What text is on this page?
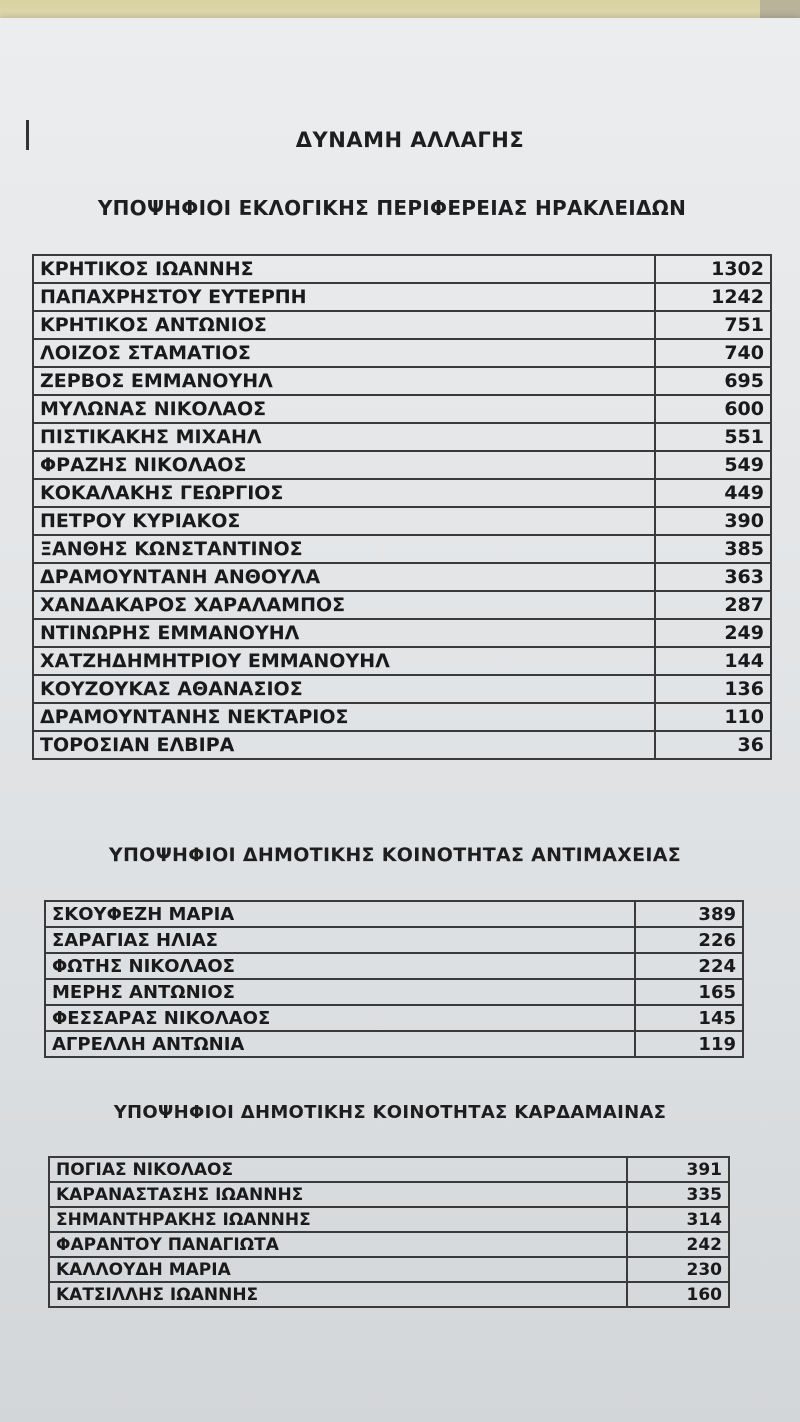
ΔΥΝΑΜΗ ΑΛΛΑΓΗΣ
ΥΠΟΨΗΦΙΟΙ ΕΚΛΟΓΙΚΗΣ ΠΕΡΙΦΕΡΕΙΑΣ ΗΡΑΚΛΕΙΔΩΝ
ΚΡΗΤΙΚΟΣ ΙΩΑΝΝΗΣ	1302
ΠΑΠΑΧΡΗΣΤΟΥ ΕΥΤΕΡΠΗ	1242
ΚΡΗΤΙΚΟΣ ΑΝΤΩΝΙΟΣ	751
ΛΟΙΖΟΣ ΣΤΑΜΑΤΙΟΣ	740
ΖΕΡΒΟΣ ΕΜΜΑΝΟΥΗΛ	695
ΜΥΛΩΝΑΣ ΝΙΚΟΛΑΟΣ	600
ΠΙΣΤΙΚΑΚΗΣ ΜΙΧΑΗΛ	551
ΦΡΑΖΗΣ ΝΙΚΟΛΑΟΣ	549
ΚΟΚΑΛΑΚΗΣ ΓΕΩΡΓΙΟΣ	449
ΠΕΤΡΟΥ ΚΥΡΙΑΚΟΣ	390
ΞΑΝΘΗΣ ΚΩΝΣΤΑΝΤΙΝΟΣ	385
ΔΡΑΜΟΥΝΤΑΝΗ ΑΝΘΟΥΛΑ	363
ΧΑΝΔΑΚΑΡΟΣ ΧΑΡΑΛΑΜΠΟΣ	287
ΝΤΙΝΩΡΗΣ ΕΜΜΑΝΟΥΗΛ	249
ΧΑΤΖΗΔΗΜΗΤΡΙΟΥ ΕΜΜΑΝΟΥΗΛ	144
ΚΟΥΖΟΥΚΑΣ ΑΘΑΝΑΣΙΟΣ	136
ΔΡΑΜΟΥΝΤΑΝΗΣ ΝΕΚΤΑΡΙΟΣ	110
ΤΟΡΟΣΙΑΝ ΕΛΒΙΡΑ	36
ΥΠΟΨΗΦΙΟΙ ΔΗΜΟΤΙΚΗΣ ΚΟΙΝΟΤΗΤΑΣ ΑΝΤΙΜΑΧΕΙΑΣ
ΣΚΟΥΦΕΖΗ ΜΑΡΙΑ	389
ΣΑΡΑΓΙΑΣ ΗΛΙΑΣ	226
ΦΩΤΗΣ ΝΙΚΟΛΑΟΣ	224
ΜΕΡΗΣ ΑΝΤΩΝΙΟΣ	165
ΦΕΣΣΑΡΑΣ ΝΙΚΟΛΑΟΣ	145
ΑΓΡΕΛΛΗ ΑΝΤΩΝΙΑ	119
ΥΠΟΨΗΦΙΟΙ ΔΗΜΟΤΙΚΗΣ ΚΟΙΝΟΤΗΤΑΣ ΚΑΡΔΑΜΑΙΝΑΣ
ΠΟΓΙΑΣ ΝΙΚΟΛΑΟΣ	391
ΚΑΡΑΝΑΣΤΑΣΗΣ ΙΩΑΝΝΗΣ	335
ΣΗΜΑΝΤΗΡΑΚΗΣ ΙΩΑΝΝΗΣ	314
ΦΑΡΑΝΤΟΥ ΠΑΝΑΓΙΩΤΑ	242
ΚΑΛΛΟΥΔΗ ΜΑΡΙΑ	230
ΚΑΤΣΙΛΛΗΣ ΙΩΑΝΝΗΣ	160
